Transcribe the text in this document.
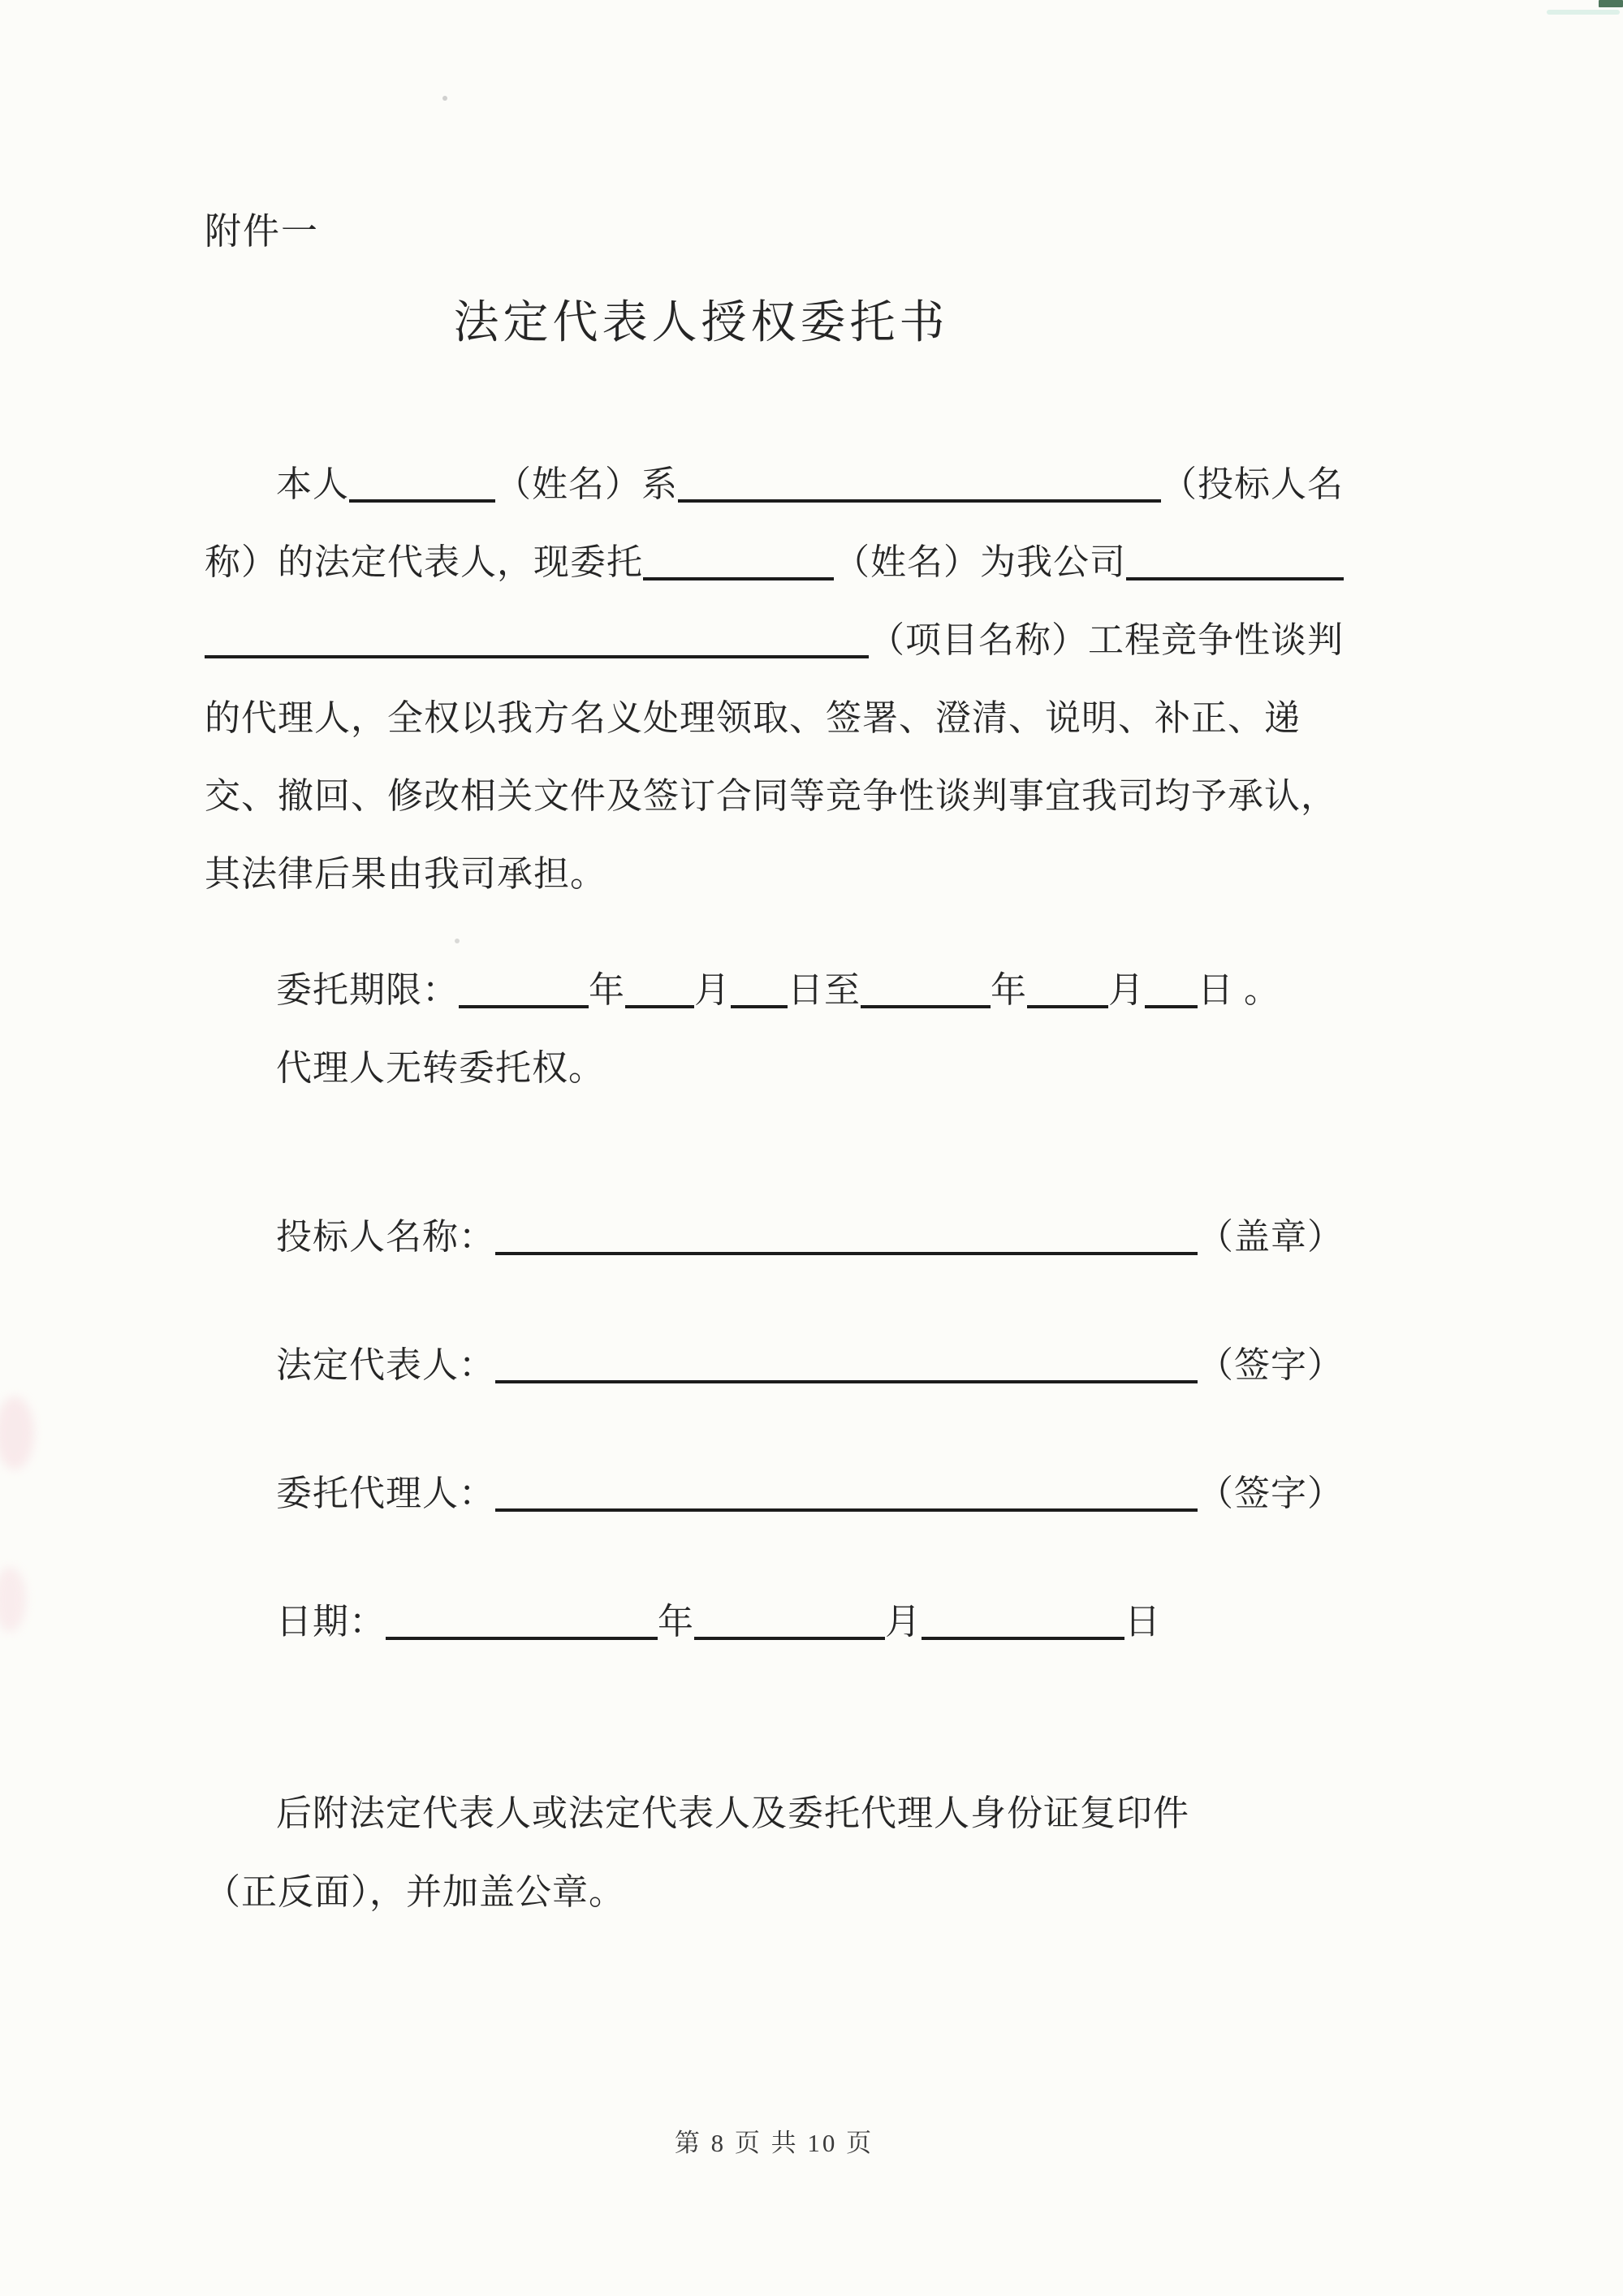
附件一
法定代表人授权委托书
本人	（姓名）系	（投标人名
称）的法定代表人，现委托	（姓名）为我公司
（项目名称）工程竞争性谈判
的代理人，全权以我方名义处理领取、签署、澄清、说明、补正、递
交、撤回、修改相关文件及签订合同等竞争性谈判事宜我司均予承认，
其法律后果由我司承担。
委托期限：	年 月 日至	年 月 日 。
代理人无转委托权。
投标人名称：	（盖章）
法定代表人：	（签字）
委托代理人：	（签字）
日期：	年	月	日
后附法定代表人或法定代表人及委托代理人身份证复印件
（正反面），并加盖公章。
第 8 页 共 10 页
